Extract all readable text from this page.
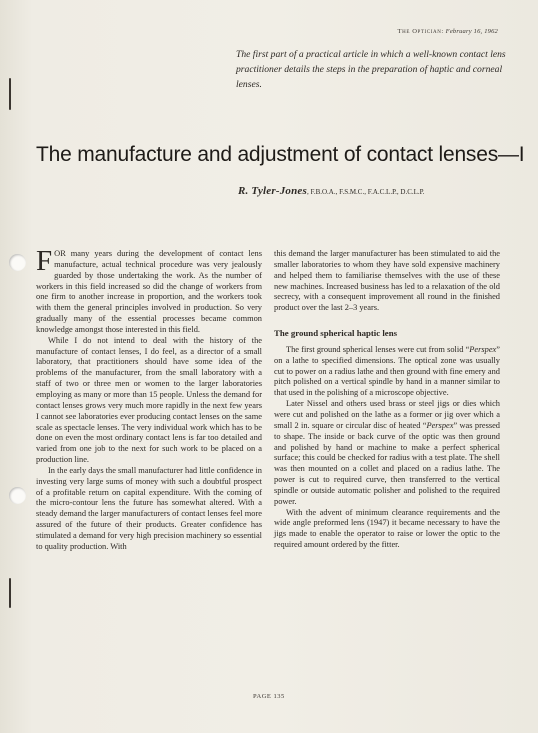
The Optician: February 16, 1962
The first part of a practical article in which a well-known contact lens practitioner details the steps in the preparation of haptic and corneal lenses.
The manufacture and adjustment of contact lenses—I
R. Tyler-Jones, F.B.O.A., F.S.M.C., F.A.C.L.P., D.C.L.P.

FOR many years during the development of contact lens manufacture, actual technical procedure was very jealously guarded by those undertaking the work. As the number of workers in this field increased so did the change of workers from one firm to another increase in proportion, and the workers took with them the general principles involved in production. So very gradually many of the essential processes became common knowledge amongst those interested in this field.

While I do not intend to deal with the history of the manufacture of contact lenses, I do feel, as a director of a small laboratory, that practitioners should have some idea of the problems of the manufacturer, from the small laboratory with a staff of two or three men or women to the larger laboratories employing as many or more than 15 people. Unless the demand for contact lenses grows very much more rapidly in the next few years I cannot see laboratories ever producing contact lenses on the same scale as spectacle lenses. The very individual work which has to be done on even the most ordinary contact lens is far too detailed and varied from one job to the next for such work to be placed on a production line.

In the early days the small manufacturer had little confidence in investing very large sums of money with such a doubtful prospect of a profitable return on capital expenditure. With the coming of the micro-contour lens the future has somewhat altered. With a steady demand the larger manufacturers of contact lenses feel more assured of the future of their products. Greater confidence has stimulated a demand for very high precision machinery so essential to quality production. With

this demand the larger manufacturer has been stimulated to aid the smaller laboratories to whom they have sold expensive machinery and helped them to familiarise themselves with the use of these new machines. Increased business has led to a relaxation of the old secrecy, with a consequent improvement all round in the finished product over the last 2–3 years.

The ground spherical haptic lens

The first ground spherical lenses were cut from solid “Perspex” on a lathe to specified dimensions. The optical zone was usually cut to power on a radius lathe and then ground with fine emery and pitch polished on a vertical spindle by hand in a manner similar to that used in the polishing of a microscope objective.

Later Nissel and others used brass or steel jigs or dies which were cut and polished on the lathe as a former or jig over which a small 2 in. square or circular disc of heated “Perspex” was pressed to shape. The inside or back curve of the optic was then ground and polished by hand or machine to make a perfect spherical surface; this could be checked for radius with a test plate. The shell was then mounted on a collet and placed on a radius lathe. The power is cut to required curve, then transferred to the vertical spindle or outside automatic polisher and polished to the required power.

With the advent of minimum clearance requirements and the wide angle preformed lens (1947) it became necessary to have the jigs made to enable the operator to raise or lower the optic to the required amount ordered by the fitter.

PAGE 135
